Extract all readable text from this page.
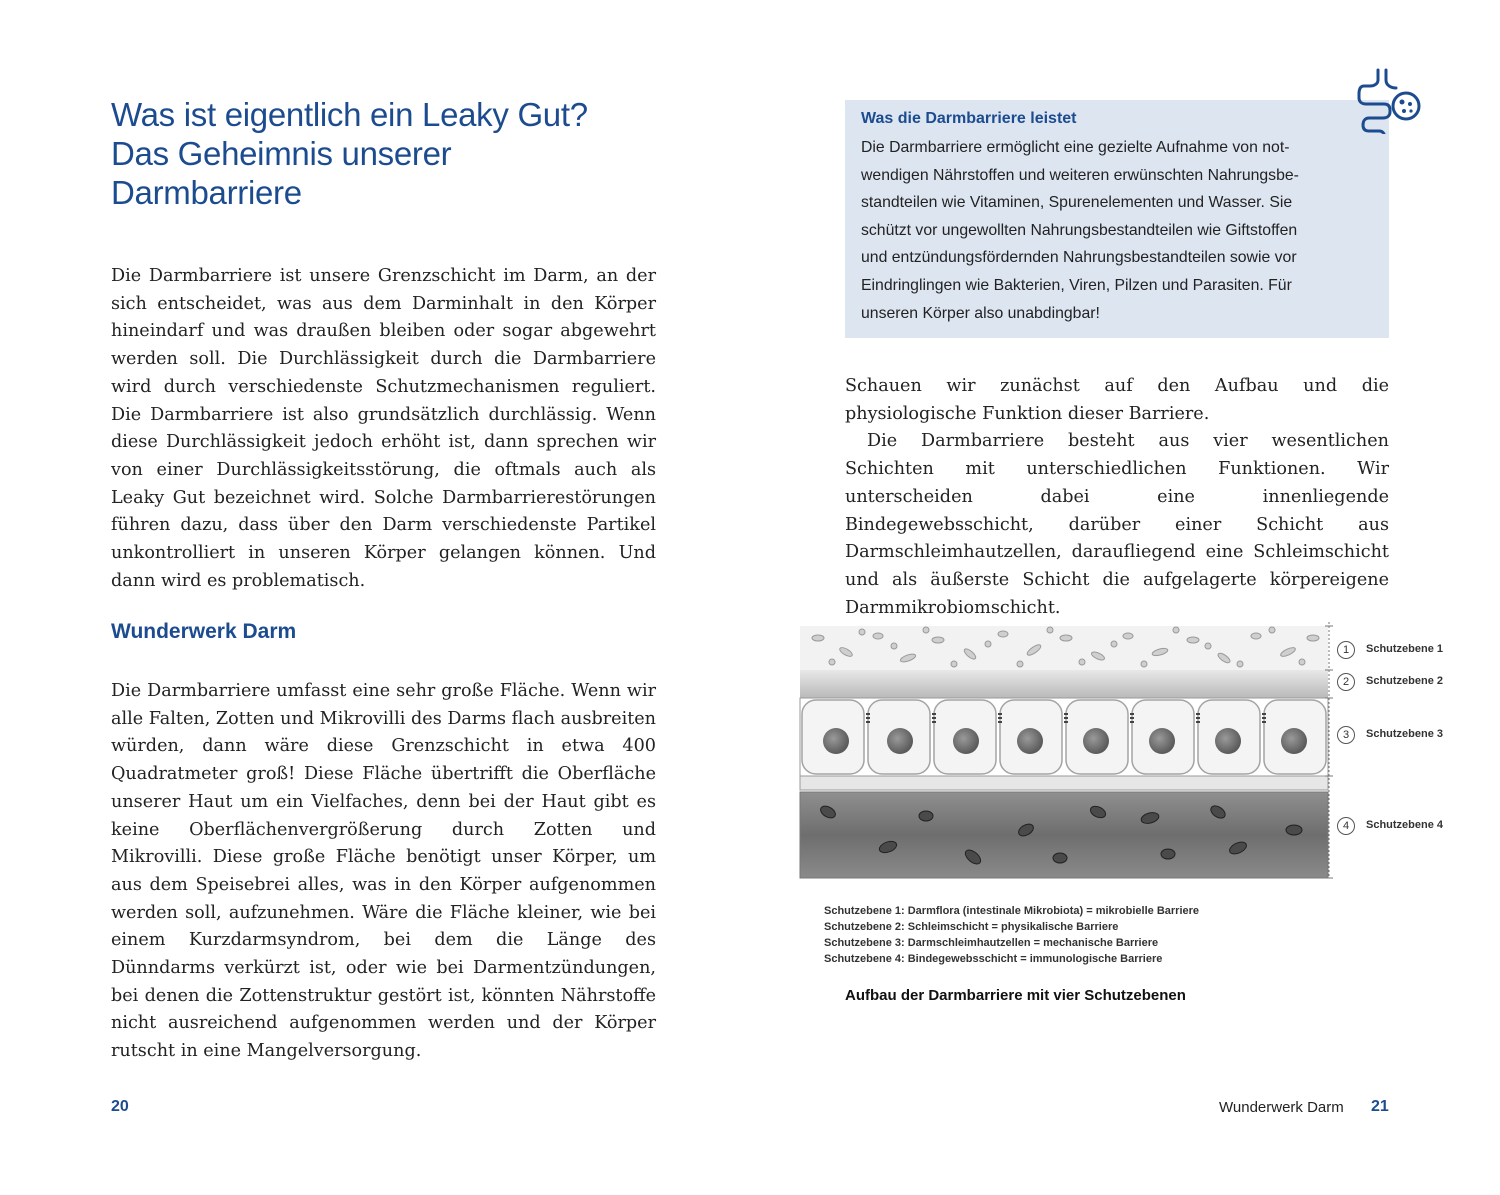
Was ist eigentlich ein Leaky Gut?
Das Geheimnis unserer
Darmbarriere

Die Darmbarriere ist unsere Grenzschicht im Darm, an der sich entscheidet, was aus dem Darminhalt in den Körper hineindarf und was draußen bleiben oder sogar abgewehrt werden soll. Die Durchlässigkeit durch die Darmbarriere wird durch verschiedenste Schutzmechanismen reguliert. Die Darmbarriere ist also grundsätzlich durchlässig. Wenn diese Durchlässigkeit jedoch erhöht ist, dann sprechen wir von einer Durchlässigkeitsstörung, die oftmals auch als Leaky Gut bezeichnet wird. Solche Darmbarrierestörungen führen dazu, dass über den Darm verschiedenste Partikel unkontrolliert in unseren Körper gelangen können. Und dann wird es problematisch.

Wunderwerk Darm

Die Darmbarriere umfasst eine sehr große Fläche. Wenn wir alle Falten, Zotten und Mikrovilli des Darms flach ausbreiten würden, dann wäre diese Grenzschicht in etwa 400 Quadratmeter groß! Diese Fläche übertrifft die Oberfläche unserer Haut um ein Vielfaches, denn bei der Haut gibt es keine Oberflächenvergrößerung durch Zotten und Mikrovilli. Diese große Fläche benötigt unser Körper, um aus dem Speisebrei alles, was in den Körper aufgenommen werden soll, aufzunehmen. Wäre die Fläche kleiner, wie bei einem Kurzdarmsyndrom, bei dem die Länge des Dünndarms verkürzt ist, oder wie bei Darmentzündungen, bei denen die Zottenstruktur gestört ist, könnten Nährstoffe nicht ausreichend aufgenommen werden und der Körper rutscht in eine Mangelversorgung.

20
Was die Darmbarriere leistet
Die Darmbarriere ermöglicht eine gezielte Aufnahme von not-
wendigen Nährstoffen und weiteren erwünschten Nahrungsbe-
standteilen wie Vitaminen, Spurenelementen und Wasser. Sie
schützt vor ungewollten Nahrungsbestandteilen wie Giftstoffen
und entzündungsfördernden Nahrungsbestandteilen sowie vor
Eindringlingen wie Bakterien, Viren, Pilzen und Parasiten. Für
unseren Körper also unabdingbar!

Schauen wir zunächst auf den Aufbau und die physiologische Funktion dieser Barriere.

Die Darmbarriere besteht aus vier wesentlichen Schichten mit unterschiedlichen Funktionen. Wir unterscheiden dabei eine innenliegende Bindegewebsschicht, darüber einer Schicht aus Darmschleimhautzellen, daraufliegend eine Schleimschicht und als äußerste Schicht die aufgelagerte körpereigene Darmmikrobiomschicht.

1	Schutzebene 1
2	Schutzebene 2
3	Schutzebene 3
4	Schutzebene 4
Schutzebene 1: Darmflora (intestinale Mikrobiota) = mikrobielle Barriere
Schutzebene 2: Schleimschicht = physikalische Barriere
Schutzebene 3: Darmschleimhautzellen = mechanische Barriere
Schutzebene 4: Bindegewebsschicht = immunologische Barriere
Aufbau der Darmbarriere mit vier Schutzebenen
Wunderwerk Darm 21
